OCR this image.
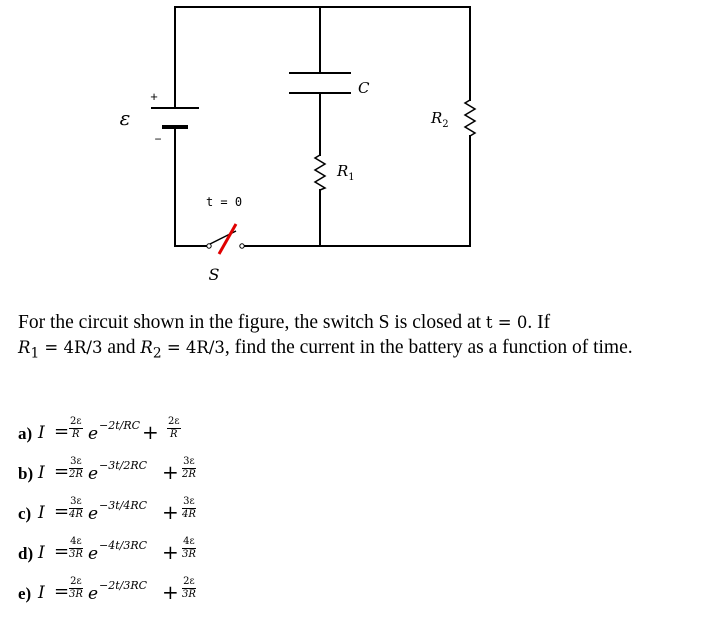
+
−
ε
C
$R_1$
$R_2$
t = 0
S
For the circuit shown in the figure, the switch S is closed at t = 0. If
$R_1 = 4R/3$ and $R_2 = 4R/3$, find the current in the battery as a function of time.
a) $I = \frac{2\varepsilon}{R}$ $e -2t/RC + \frac{2\varepsilon}{R}$
b) $I = \frac{3\varepsilon}{2R}$ $e -3t/2RC + \frac{3\varepsilon}{2R}$
c) $I = \frac{3\varepsilon}{4R}$ $e -3t/4RC + \frac{3\varepsilon}{4R}$
d) $I = \frac{4\varepsilon}{3R}$ $e -4t/3RC + \frac{4\varepsilon}{3R}$
e) $I = \frac{2\varepsilon}{3R}$ $e -2t/3RC + \frac{2\varepsilon}{3R}$
